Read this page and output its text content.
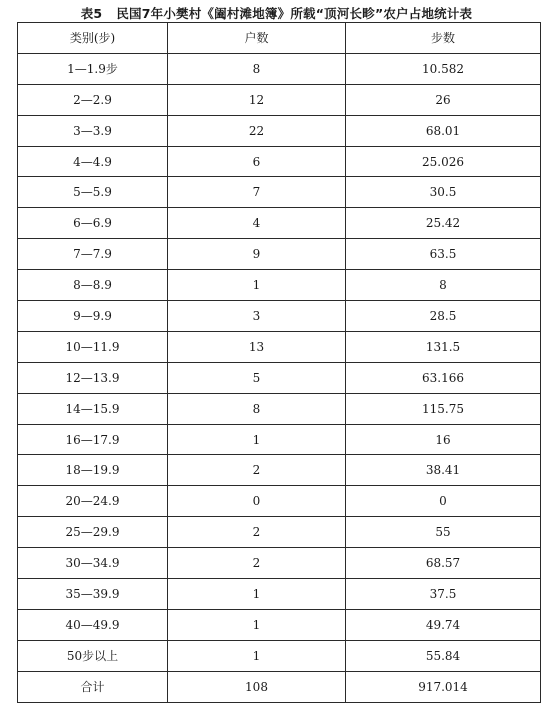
表5 民国7年小樊村《阖村滩地簿》所载“顶河长畛”农户占地统计表
类别(步)	户数	步数
1—1.9步	8	10.582
2—2.9	12	26
3—3.9	22	68.01
4—4.9	6	25.026
5—5.9	7	30.5
6—6.9	4	25.42
7—7.9	9	63.5
8—8.9	1	8
9—9.9	3	28.5
10—11.9	13	131.5
12—13.9	5	63.166
14—15.9	8	115.75
16—17.9	1	16
18—19.9	2	38.41
20—24.9	0	0
25—29.9	2	55
30—34.9	2	68.57
35—39.9	1	37.5
40—49.9	1	49.74
50步以上	1	55.84
合计	108	917.014
